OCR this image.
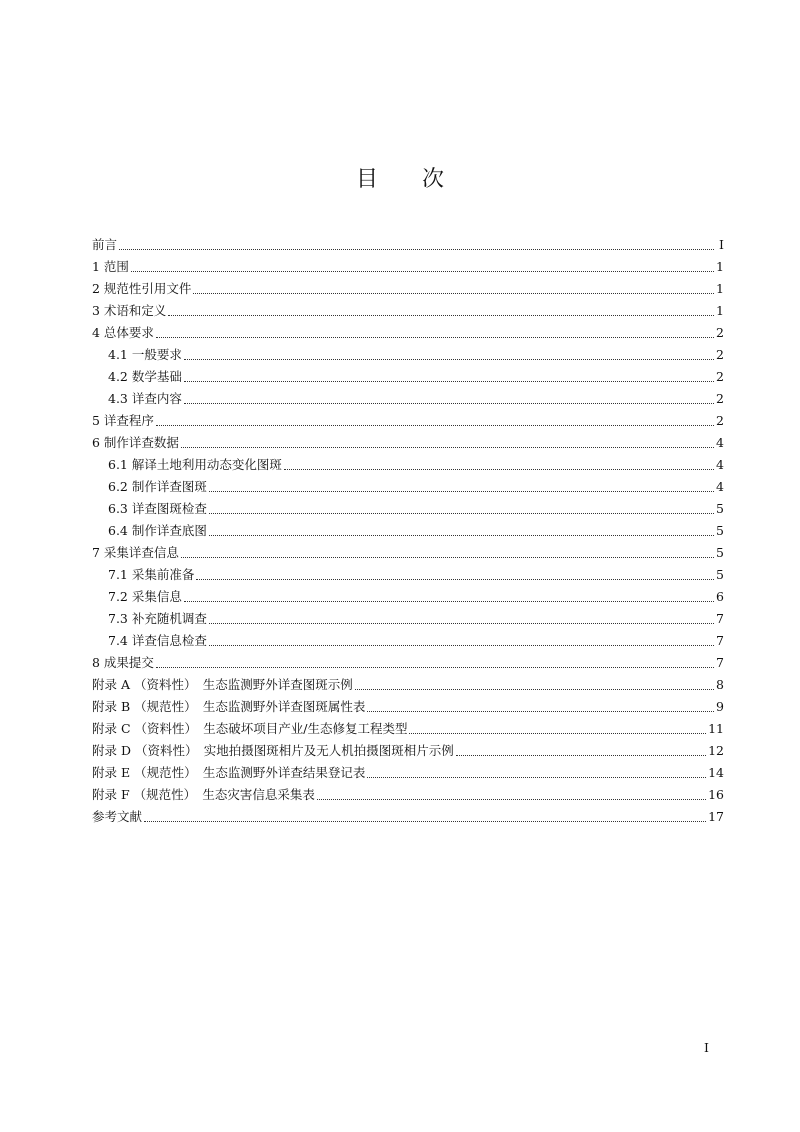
目　　次
前言	I
1 范围	1
2 规范性引用文件	1
3 术语和定义	1
4 总体要求	2
4.1 一般要求	2
4.2 数学基础	2
4.3 详查内容	2
5 详查程序	2
6 制作详查数据	4
6.1 解译土地利用动态变化图斑	4
6.2 制作详查图斑	4
6.3 详查图斑检查	5
6.4 制作详查底图	5
7 采集详查信息	5
7.1 采集前准备	5
7.2 采集信息	6
7.3 补充随机调查	7
7.4 详查信息检查	7
8 成果提交	7
附录 A （资料性）　生态监测野外详查图斑示例	8
附录 B （规范性）　生态监测野外详查图斑属性表	9
附录 C （资料性）　生态破坏项目产业/生态修复工程类型	11
附录 D （资料性）　实地拍摄图斑相片及无人机拍摄图斑相片示例	12
附录 E （规范性）　生态监测野外详查结果登记表	14
附录 F （规范性）　生态灾害信息采集表	16
参考文献	17
I
